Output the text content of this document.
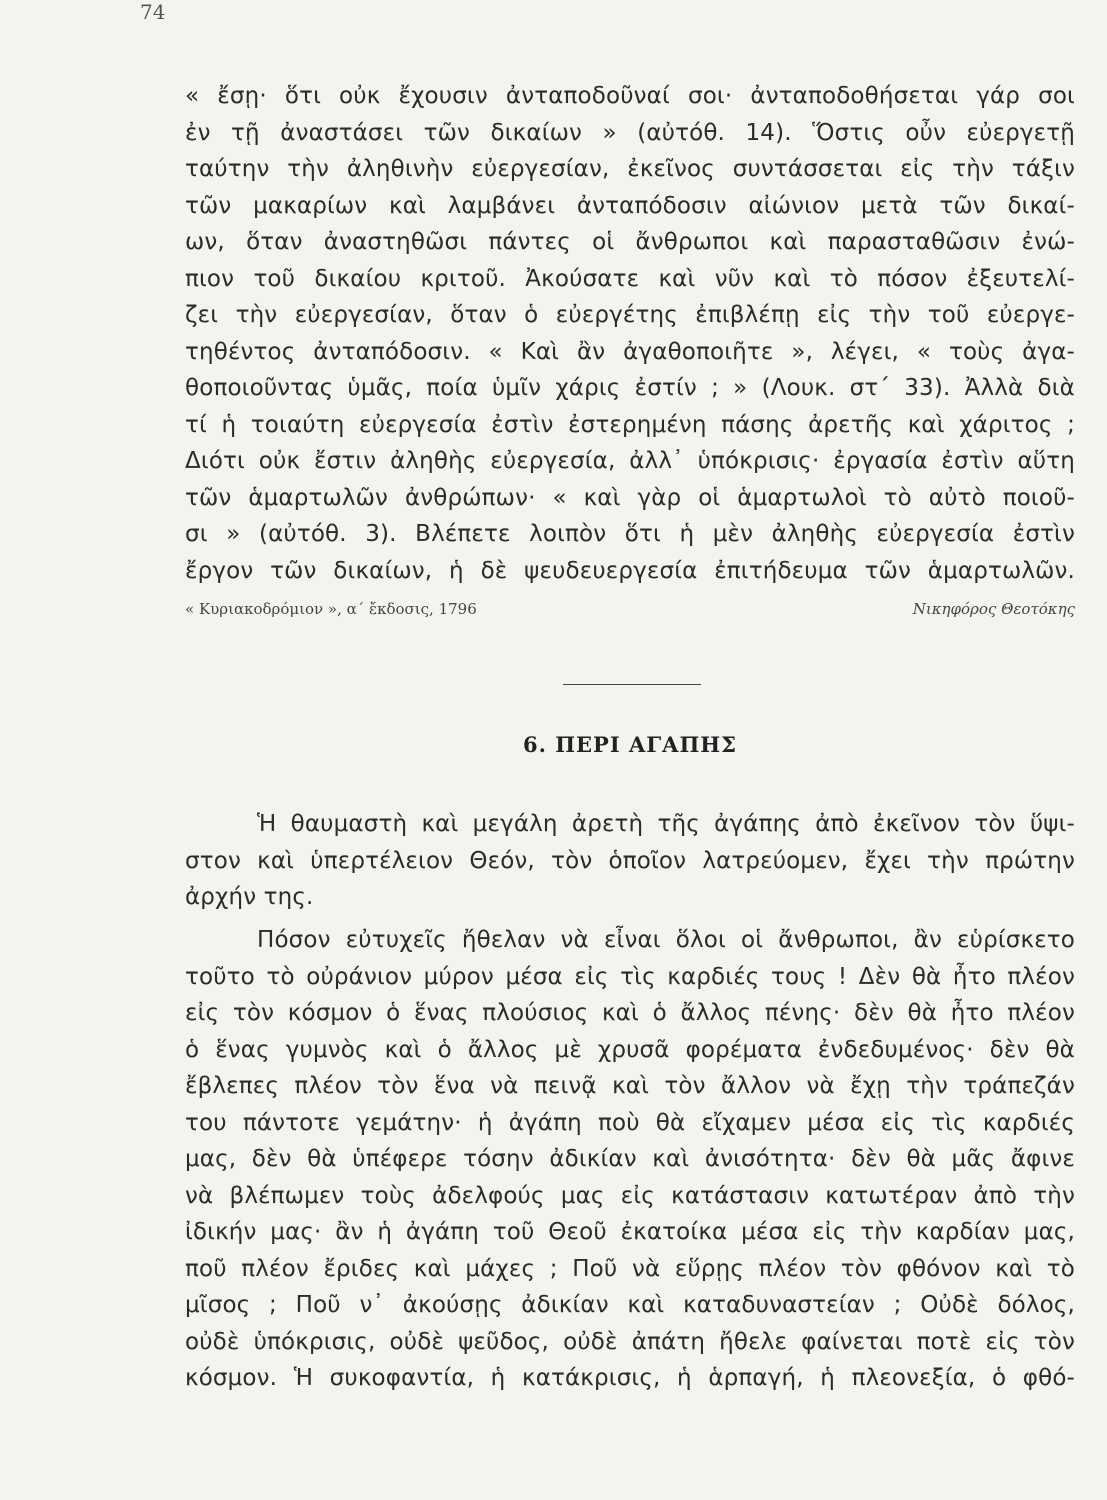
74
« ἔσῃ· ὅτι οὐκ ἔχουσιν ἀνταποδοῦναί σοι· ἀνταποδοθήσεται γάρ σοι
ἐν τῇ ἀναστάσει τῶν δικαίων » (αὐτόθ. 14). Ὅστις οὖν εὐεργετῇ
ταύτην τὴν ἀληθινὴν εὐεργεσίαν, ἐκεῖνος συντάσσεται εἰς τὴν τάξιν
τῶν μακαρίων καὶ λαμβάνει ἀνταπόδοσιν αἰώνιον μετὰ τῶν δικαί-
ων, ὅταν ἀναστηθῶσι πάντες οἱ ἄνθρωποι καὶ παρασταθῶσιν ἐνώ-
πιον τοῦ δικαίου κριτοῦ. Ἀκούσατε καὶ νῦν καὶ τὸ πόσον ἐξευτελί-
ζει τὴν εὐεργεσίαν, ὅταν ὁ εὐεργέτης ἐπιβλέπῃ εἰς τὴν τοῦ εὐεργε-
τηθέντος ἀνταπόδοσιν. « Καὶ ἂν ἀγαθοποιῆτε », λέγει, « τοὺς ἀγα-
θοποιοῦντας ὑμᾶς, ποία ὑμῖν χάρις ἐστίν ; » (Λουκ. στ΄ 33). Ἀλλὰ διὰ
τί ἡ τοιαύτη εὐεργεσία ἐστὶν ἐστερημένη πάσης ἀρετῆς καὶ χάριτος ;
Διότι οὐκ ἔστιν ἀληθὴς εὐεργεσία, ἀλλ᾽ ὑπόκρισις· ἐργασία ἐστὶν αὕτη
τῶν ἁμαρτωλῶν ἀνθρώπων· « καὶ γὰρ οἱ ἁμαρτωλοὶ τὸ αὐτὸ ποιοῦ-
σι » (αὐτόθ. 3). Βλέπετε λοιπὸν ὅτι ἡ μὲν ἀληθὴς εὐεργεσία ἐστὶν
ἔργον τῶν δικαίων, ἡ δὲ ψευδευεργεσία ἐπιτήδευμα τῶν ἁμαρτωλῶν.
« Κυριακοδρόμιον », α΄ ἔκδοσις, 1796	Νικηφόρος Θεοτόκης
6. ΠΕΡΙ ΑΓΑΠΗΣ
Ἡ θαυμαστὴ καὶ μεγάλη ἀρετὴ τῆς ἀγάπης ἀπὸ ἐκεῖνον τὸν ὕψι-
στον καὶ ὑπερτέλειον Θεόν, τὸν ὁποῖον λατρεύομεν, ἔχει τὴν πρώτην
ἀρχήν της.
Πόσον εὐτυχεῖς ἤθελαν νὰ εἶναι ὅλοι οἱ ἄνθρωποι, ἂν εὑρίσκετο
τοῦτο τὸ οὐράνιον μύρον μέσα εἰς τὶς καρδιές τους ! Δὲν θὰ ἦτο πλέον
εἰς τὸν κόσμον ὁ ἕνας πλούσιος καὶ ὁ ἄλλος πένης· δὲν θὰ ἦτο πλέον
ὁ ἕνας γυμνὸς καὶ ὁ ἄλλος μὲ χρυσᾶ φορέματα ἐνδεδυμένος· δὲν θὰ
ἔβλεπες πλέον τὸν ἕνα νὰ πεινᾷ καὶ τὸν ἄλλον νὰ ἔχῃ τὴν τράπεζάν
του πάντοτε γεμάτην· ἡ ἀγάπη ποὺ θὰ εἴχαμεν μέσα εἰς τὶς καρδιές
μας, δὲν θὰ ὑπέφερε τόσην ἀδικίαν καὶ ἀνισότητα· δὲν θὰ μᾶς ἄφινε
νὰ βλέπωμεν τοὺς ἀδελφούς μας εἰς κατάστασιν κατωτέραν ἀπὸ τὴν
ἰδικήν μας· ἂν ἡ ἀγάπη τοῦ Θεοῦ ἐκατοίκα μέσα εἰς τὴν καρδίαν μας,
ποῦ πλέον ἔριδες καὶ μάχες ; Ποῦ νὰ εὕρῃς πλέον τὸν φθόνον καὶ τὸ
μῖσος ; Ποῦ ν᾽ ἀκούσῃς ἀδικίαν καὶ καταδυναστείαν ; Οὐδὲ δόλος,
οὐδὲ ὑπόκρισις, οὐδὲ ψεῦδος, οὐδὲ ἀπάτη ἤθελε φαίνεται ποτὲ εἰς τὸν
κόσμον. Ἡ συκοφαντία, ἡ κατάκρισις, ἡ ἁρπαγή, ἡ πλεονεξία, ὁ φθό-
